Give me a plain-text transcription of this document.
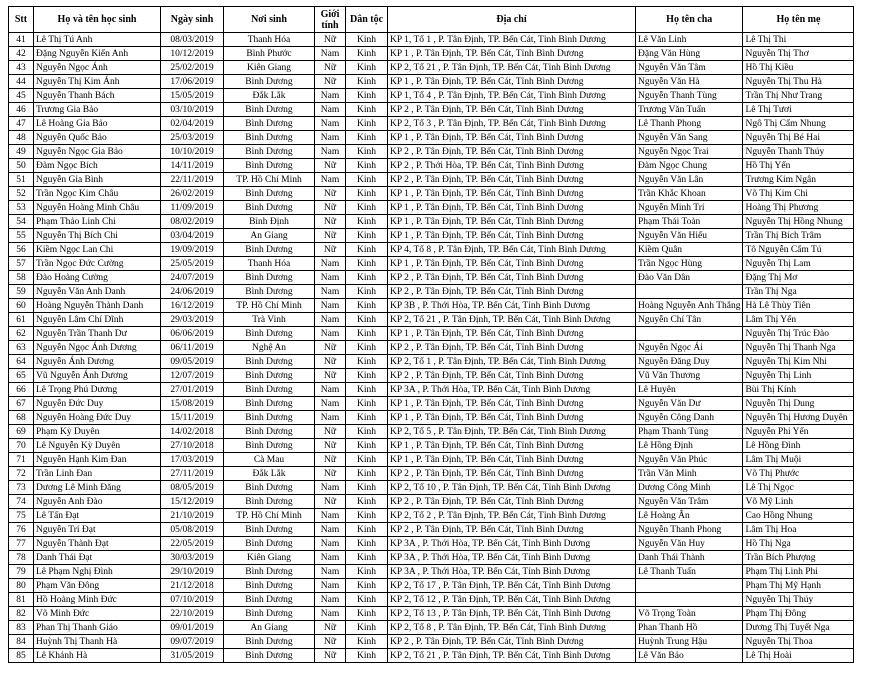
Stt	Họ và tên học sinh	Ngày sinh	Nơi sinh	Giới tính	Dân tộc	Địa chỉ	Họ tên cha	Họ tên mẹ
41	Lê Thị Tú Anh	08/03/2019	Thanh Hóa	Nữ	Kinh	KP 1, Tổ 1 , P. Tân Định, TP. Bến Cát, Tỉnh Bình Dương	Lê Văn Linh	Lê Thị Thi
42	Đặng Nguyễn Kiến Anh	10/12/2019	Bình Phước	Nam	Kinh	KP 1 , P. Tân Định, TP. Bến Cát, Tỉnh Bình Dương	Đặng Văn Hùng	Nguyễn Thị Thơ
43	Nguyễn Ngọc Ánh	25/02/2019	Kiên Giang	Nữ	Kinh	KP 2, Tổ 21 , P. Tân Định, TP. Bến Cát, Tỉnh Bình Dương	Nguyễn Văn Tâm	Hồ Thị Kiều
44	Nguyễn Thị Kim Ánh	17/06/2019	Bình Dương	Nữ	Kinh	KP 1 , P. Tân Định, TP. Bến Cát, Tỉnh Bình Dương	Nguyễn Văn Hà	Nguyễn Thị Thu Hà
45	Nguyễn Thanh Bách	15/05/2019	Đắk Lắk	Nam	Kinh	KP 1, Tổ 4 , P. Tân Định, TP. Bến Cát, Tỉnh Bình Dương	Nguyễn Thanh Tùng	Trần Thị Như Trang
46	Trương Gia Bảo	03/10/2019	Bình Dương	Nam	Kinh	KP 2 , P. Tân Định, TP. Bến Cát, Tỉnh Bình Dương	Trương Văn Tuấn	Lê Thị Tươi
47	Lê Hoàng Gia Bảo	02/04/2019	Bình Dương	Nam	Kinh	KP 2, Tổ 3 , P. Tân Định, TP. Bến Cát, Tỉnh Bình Dương	Lê Thanh Phong	Ngô Thị Cẩm Nhung
48	Nguyễn Quốc Bảo	25/03/2019	Bình Dương	Nam	Kinh	KP 1 , P. Tân Định, TP. Bến Cát, Tỉnh Bình Dương	Nguyễn Văn Sang	Nguyễn Thị Bé Hai
49	Nguyễn Ngọc Gia Bảo	10/10/2019	Bình Dương	Nam	Kinh	KP 2 , P. Tân Định, TP. Bến Cát, Tỉnh Bình Dương	Nguyễn Ngọc Trai	Nguyễn Thanh Thúy
50	Đàm Ngọc Bích	14/11/2019	Bình Dương	Nữ	Kinh	KP 2 , P. Thới Hòa, TP. Bến Cát, Tỉnh Bình Dương	Đàm Ngọc Chung	Hồ Thị Yến
51	Nguyễn Gia Bình	22/11/2019	TP. Hồ Chí Minh	Nam	Kinh	KP 2 , P. Tân Định, TP. Bến Cát, Tỉnh Bình Dương	Nguyễn Văn Lân	Trương Kim Ngân
52	Trần Ngọc Kim Châu	26/02/2019	Bình Dương	Nữ	Kinh	KP 1 , P. Tân Định, TP. Bến Cát, Tỉnh Bình Dương	Trần Khắc Khoan	Võ Thị Kim Chi
53	Nguyễn Hoàng Minh Châu	11/09/2019	Bình Dương	Nữ	Kinh	KP 1 , P. Tân Định, TP. Bến Cát, Tỉnh Bình Dương	Nguyễn Minh Trí	Hoàng Thị Phương
54	Phạm Thảo Linh Chi	08/02/2019	Bình Định	Nữ	Kinh	KP 1 , P. Tân Định, TP. Bến Cát, Tỉnh Bình Dương	Phạm Thái Toàn	Nguyễn Thị Hồng Nhung
55	Nguyễn Thị Bích Chi	03/04/2019	An Giang	Nữ	Kinh	KP 1 , P. Tân Định, TP. Bến Cát, Tỉnh Bình Dương	Nguyễn Văn Hiếu	Trần Thị Bích Trâm
56	Kiềm Ngọc Lan Chi	19/09/2019	Bình Dương	Nữ	Kinh	KP 4, Tổ 8 , P. Tân Định, TP. Bến Cát, Tỉnh Bình Dương	Kiềm Quân	Tô Nguyễn Cẩm Tú
57	Trần Ngọc Đức Cường	25/05/2019	Thanh Hóa	Nam	Kinh	KP 1 , P. Tân Định, TP. Bến Cát, Tỉnh Bình Dương	Trần Ngọc Hùng	Nguyễn Thị Lam
58	Đào Hoàng Cường	24/07/2019	Bình Dương	Nam	Kinh	KP 2 , P. Tân Định, TP. Bến Cát, Tỉnh Bình Dương	Đào Văn Dân	Đặng Thị Mơ
59	Nguyễn Văn Anh Danh	24/06/2019	Bình Dương	Nam	Kinh	KP 2 , P. Tân Định, TP. Bến Cát, Tỉnh Bình Dương		Trần Thị Nga
60	Hoàng Nguyễn Thành Danh	16/12/2019	TP. Hồ Chí Minh	Nam	Kinh	KP 3B , P. Thới Hòa, TP. Bến Cát, Tỉnh Bình Dương	Hoàng Nguyễn Anh Thắng	Hà Lê Thùy Tiên
61	Nguyễn Lâm Chí Dĩnh	29/03/2019	Trà Vinh	Nam	Kinh	KP 2, Tổ 21 , P. Tân Định, TP. Bến Cát, Tỉnh Bình Dương	Nguyễn Chí Tân	Lâm Thị Yến
62	Nguyễn Trần Thanh Dư	06/06/2019	Bình Dương	Nam	Kinh	KP 1 , P. Tân Định, TP. Bến Cát, Tỉnh Bình Dương		Nguyễn Thị Trúc Đào
63	Nguyễn Ngọc Ánh Dương	06/11/2019	Nghệ An	Nữ	Kinh	KP 2 , P. Tân Định, TP. Bến Cát, Tỉnh Bình Dương	Nguyễn Ngọc Ái	Nguyễn Thị Thanh Nga
64	Nguyễn Ánh Dương	09/05/2019	Bình Dương	Nữ	Kinh	KP 2, Tổ 1 , P. Tân Định, TP. Bến Cát, Tỉnh Bình Dương	Nguyễn Đăng Duy	Nguyễn Thị Kim Nhi
65	Vũ Nguyễn Ánh Dương	12/07/2019	Bình Dương	Nữ	Kinh	KP 2 , P. Tân Định, TP. Bến Cát, Tỉnh Bình Dương	Vũ Văn Thương	Nguyễn Thị Linh
66	Lê Trọng Phú Dương	27/01/2019	Bình Dương	Nam	Kinh	KP 3A , P. Thới Hòa, TP. Bến Cát, Tỉnh Bình Dương	Lê Huyên	Bùi Thị Kính
67	Nguyễn Đức Duy	15/08/2019	Bình Dương	Nam	Kinh	KP 1 , P. Tân Định, TP. Bến Cát, Tỉnh Bình Dương	Nguyễn Văn Dư	Nguyễn Thị Dung
68	Nguyễn Hoàng Đức Duy	15/11/2019	Bình Dương	Nam	Kinh	KP 1 , P. Tân Định, TP. Bến Cát, Tỉnh Bình Dương	Nguyễn Công Danh	Nguyễn Thị Hương Duyên
69	Phạm Kỳ Duyên	14/02/2018	Bình Dương	Nữ	Kinh	KP 2, Tổ 5 , P. Tân Định, TP. Bến Cát, Tỉnh Bình Dương	Phạm Thanh Tùng	Nguyễn Phi Yến
70	Lê Nguyễn Kỳ Duyên	27/10/2018	Bình Dương	Nữ	Kinh	KP 1 , P. Tân Định, TP. Bến Cát, Tỉnh Bình Dương	Lê Hồng Định	Lê Hồng Đình
71	Nguyễn Hạnh Kim Đan	17/03/2019	Cà Mau	Nữ	Kinh	KP 1 , P. Tân Định, TP. Bến Cát, Tỉnh Bình Dương	Nguyễn Văn Phúc	Lâm Thị Muội
72	Trần Linh Đan	27/11/2019	Đắk Lắk	Nữ	Kinh	KP 2 , P. Tân Định, TP. Bến Cát, Tỉnh Bình Dương	Trần Văn Minh	Võ Thị Phước
73	Dương Lê Minh Đăng	08/05/2019	Bình Dương	Nam	Kinh	KP 2, Tổ 10 , P. Tân Định, TP. Bến Cát, Tỉnh Bình Dương	Dương Công Minh	Lê Thị Ngọc
74	Nguyễn Anh Đào	15/12/2019	Bình Dương	Nữ	Kinh	KP 2 , P. Tân Định, TP. Bến Cát, Tỉnh Bình Dương	Nguyễn Văn Trâm	Võ Mỹ Linh
75	Lê Tấn Đạt	21/10/2019	TP. Hồ Chí Minh	Nam	Kinh	KP 2, Tổ 2 , P. Tân Định, TP. Bến Cát, Tỉnh Bình Dương	Lê Hoàng Ân	Cao Hồng Nhung
76	Nguyễn Trí Đạt	05/08/2019	Bình Dương	Nam	Kinh	KP 2 , P. Tân Định, TP. Bến Cát, Tỉnh Bình Dương	Nguyễn Thanh Phong	Lâm Thị Hoa
77	Nguyễn Thành Đạt	22/05/2019	Bình Dương	Nam	Kinh	KP 3A , P. Thới Hòa, TP. Bến Cát, Tỉnh Bình Dương	Nguyễn Văn Huy	Hồ Thị Nga
78	Danh Thái Đạt	30/03/2019	Kiên Giang	Nam	Kinh	KP 3A , P. Thới Hòa, TP. Bến Cát, Tỉnh Bình Dương	Danh Thái Thành	Trần Bích Phượng
79	Lê Phạm Nghị Đình	29/10/2019	Bình Dương	Nam	Kinh	KP 3A , P. Thới Hòa, TP. Bến Cát, Tỉnh Bình Dương	Lê Thanh Tuấn	Phạm Thị Linh Phi
80	Phạm Văn Đông	21/12/2018	Bình Dương	Nam	Kinh	KP 2, Tổ 17 , P. Tân Định, TP. Bến Cát, Tỉnh Bình Dương		Phạm Thị Mỹ Hạnh
81	Hồ Hoàng Minh Đức	07/10/2019	Bình Dương	Nam	Kinh	KP 2, Tổ 12 , P. Tân Định, TP. Bến Cát, Tỉnh Bình Dương		Nguyễn Thị Thúy
82	Võ Minh Đức	22/10/2019	Bình Dương	Nam	Kinh	KP 2, Tổ 13 , P. Tân Định, TP. Bến Cát, Tỉnh Bình Dương	Võ Trọng Toàn	Phạm Thị Đông
83	Phan Thị Thanh Giáo	09/01/2019	An Giang	Nữ	Kinh	KP 2, Tổ 8 , P. Tân Định, TP. Bến Cát, Tỉnh Bình Dương	Phan Thanh Hồ	Dương Thị Tuyết Nga
84	Huỳnh Thị Thanh Hà	09/07/2019	Bình Dương	Nữ	Kinh	KP 2 , P. Tân Định, TP. Bến Cát, Tỉnh Bình Dương	Huỳnh Trung Hậu	Nguyễn Thị Thoa
85	Lê Khánh Hà	31/05/2019	Bình Dương	Nữ	Kinh	KP 2, Tổ 21 , P. Tân Định, TP. Bến Cát, Tỉnh Bình Dương	Lê Văn Bảo	Lê Thị Hoài
